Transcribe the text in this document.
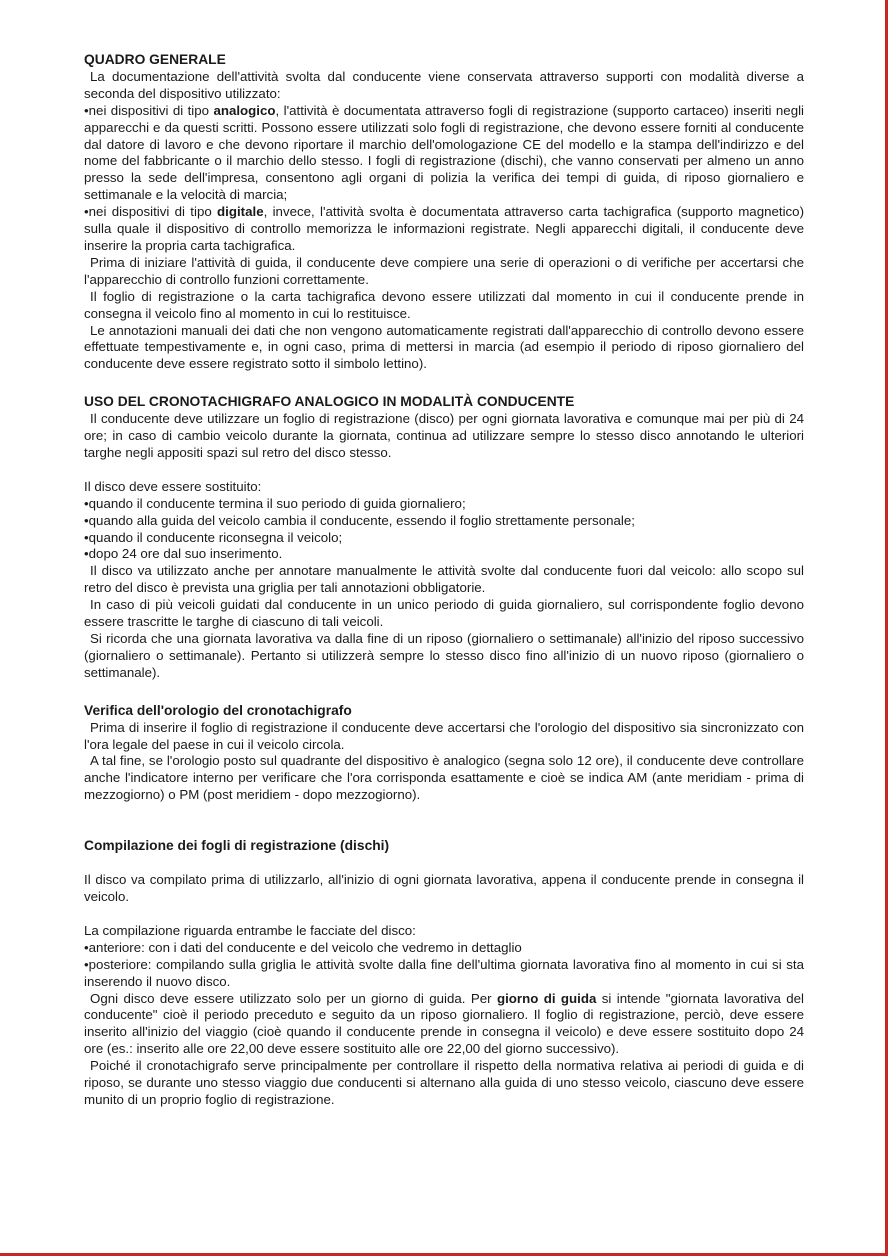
QUADRO GENERALE

La documentazione dell'attività svolta dal conducente viene conservata attraverso supporti con modalità diverse a seconda del dispositivo utilizzato:

•nei dispositivi di tipo analogico, l'attività è documentata attraverso fogli di registrazione (supporto cartaceo) inseriti negli apparecchi e da questi scritti. Possono essere utilizzati solo fogli di registrazione, che devono essere forniti al conducente dal datore di lavoro e che devono riportare il marchio dell'omologazione CE del modello e la stampa dell'indirizzo e del nome del fabbricante o il marchio dello stesso. I fogli di registrazione (dischi), che vanno conservati per almeno un anno presso la sede dell'impresa, consentono agli organi di polizia la verifica dei tempi di guida, di riposo giornaliero e settimanale e la velocità di marcia;

•nei dispositivi di tipo digitale, invece, l'attività svolta è documentata attraverso carta tachigrafica (supporto magnetico) sulla quale il dispositivo di controllo memorizza le informazioni registrate. Negli apparecchi digitali, il conducente deve inserire la propria carta tachigrafica.

Prima di iniziare l'attività di guida, il conducente deve compiere una serie di operazioni o di verifiche per accertarsi che l'apparecchio di controllo funzioni correttamente.

Il foglio di registrazione o la carta tachigrafica devono essere utilizzati dal momento in cui il conducente prende in consegna il veicolo fino al momento in cui lo restituisce.

Le annotazioni manuali dei dati che non vengono automaticamente registrati dall'apparecchio di controllo devono essere effettuate tempestivamente e, in ogni caso, prima di mettersi in marcia (ad esempio il periodo di riposo giornaliero del conducente deve essere registrato sotto il simbolo lettino).

USO DEL CRONOTACHIGRAFO ANALOGICO IN MODALITÀ CONDUCENTE

Il conducente deve utilizzare un foglio di registrazione (disco) per ogni giornata lavorativa e comunque mai per più di 24 ore; in caso di cambio veicolo durante la giornata, continua ad utilizzare sempre lo stesso disco annotando le ulteriori targhe negli appositi spazi sul retro del disco stesso.

Il disco deve essere sostituito:

•quando il conducente termina il suo periodo di guida giornaliero;

•quando alla guida del veicolo cambia il conducente, essendo il foglio strettamente personale;

•quando il conducente riconsegna il veicolo;

•dopo 24 ore dal suo inserimento.

Il disco va utilizzato anche per annotare manualmente le attività svolte dal conducente fuori dal veicolo: allo scopo sul retro del disco è prevista una griglia per tali annotazioni obbligatorie.

In caso di più veicoli guidati dal conducente in un unico periodo di guida giornaliero, sul corrispondente foglio devono essere trascritte le targhe di ciascuno di tali veicoli.

Si ricorda che una giornata lavorativa va dalla fine di un riposo (giornaliero o settimanale) all'inizio del riposo successivo (giornaliero o settimanale). Pertanto si utilizzerà sempre lo stesso disco fino all'inizio di un nuovo riposo (giornaliero o settimanale).

Verifica dell'orologio del cronotachigrafo

Prima di inserire il foglio di registrazione il conducente deve accertarsi che l'orologio del dispositivo sia sincronizzato con l'ora legale del paese in cui il veicolo circola.

A tal fine, se l'orologio posto sul quadrante del dispositivo è analogico (segna solo 12 ore), il conducente deve controllare anche l'indicatore interno per verificare che l'ora corrisponda esattamente e cioè se indica AM (ante meridiam - prima di mezzogiorno) o PM (post meridiem - dopo mezzogiorno).

Compilazione dei fogli di registrazione (dischi)

Il disco va compilato prima di utilizzarlo, all'inizio di ogni giornata lavorativa, appena il conducente prende in consegna il veicolo.

La compilazione riguarda entrambe le facciate del disco:

•anteriore: con i dati del conducente e del veicolo che vedremo in dettaglio

•posteriore: compilando sulla griglia le attività svolte dalla fine dell'ultima giornata lavorativa fino al momento in cui si sta inserendo il nuovo disco.

Ogni disco deve essere utilizzato solo per un giorno di guida. Per giorno di guida si intende "giornata lavorativa del conducente" cioè il periodo preceduto e seguito da un riposo giornaliero. Il foglio di registrazione, perciò, deve essere inserito all'inizio del viaggio (cioè quando il conducente prende in consegna il veicolo) e deve essere sostituito dopo 24 ore (es.: inserito alle ore 22,00 deve essere sostituito alle ore 22,00 del giorno successivo).

Poiché il cronotachigrafo serve principalmente per controllare il rispetto della normativa relativa ai periodi di guida e di riposo, se durante uno stesso viaggio due conducenti si alternano alla guida di uno stesso veicolo, ciascuno deve essere munito di un proprio foglio di registrazione.
